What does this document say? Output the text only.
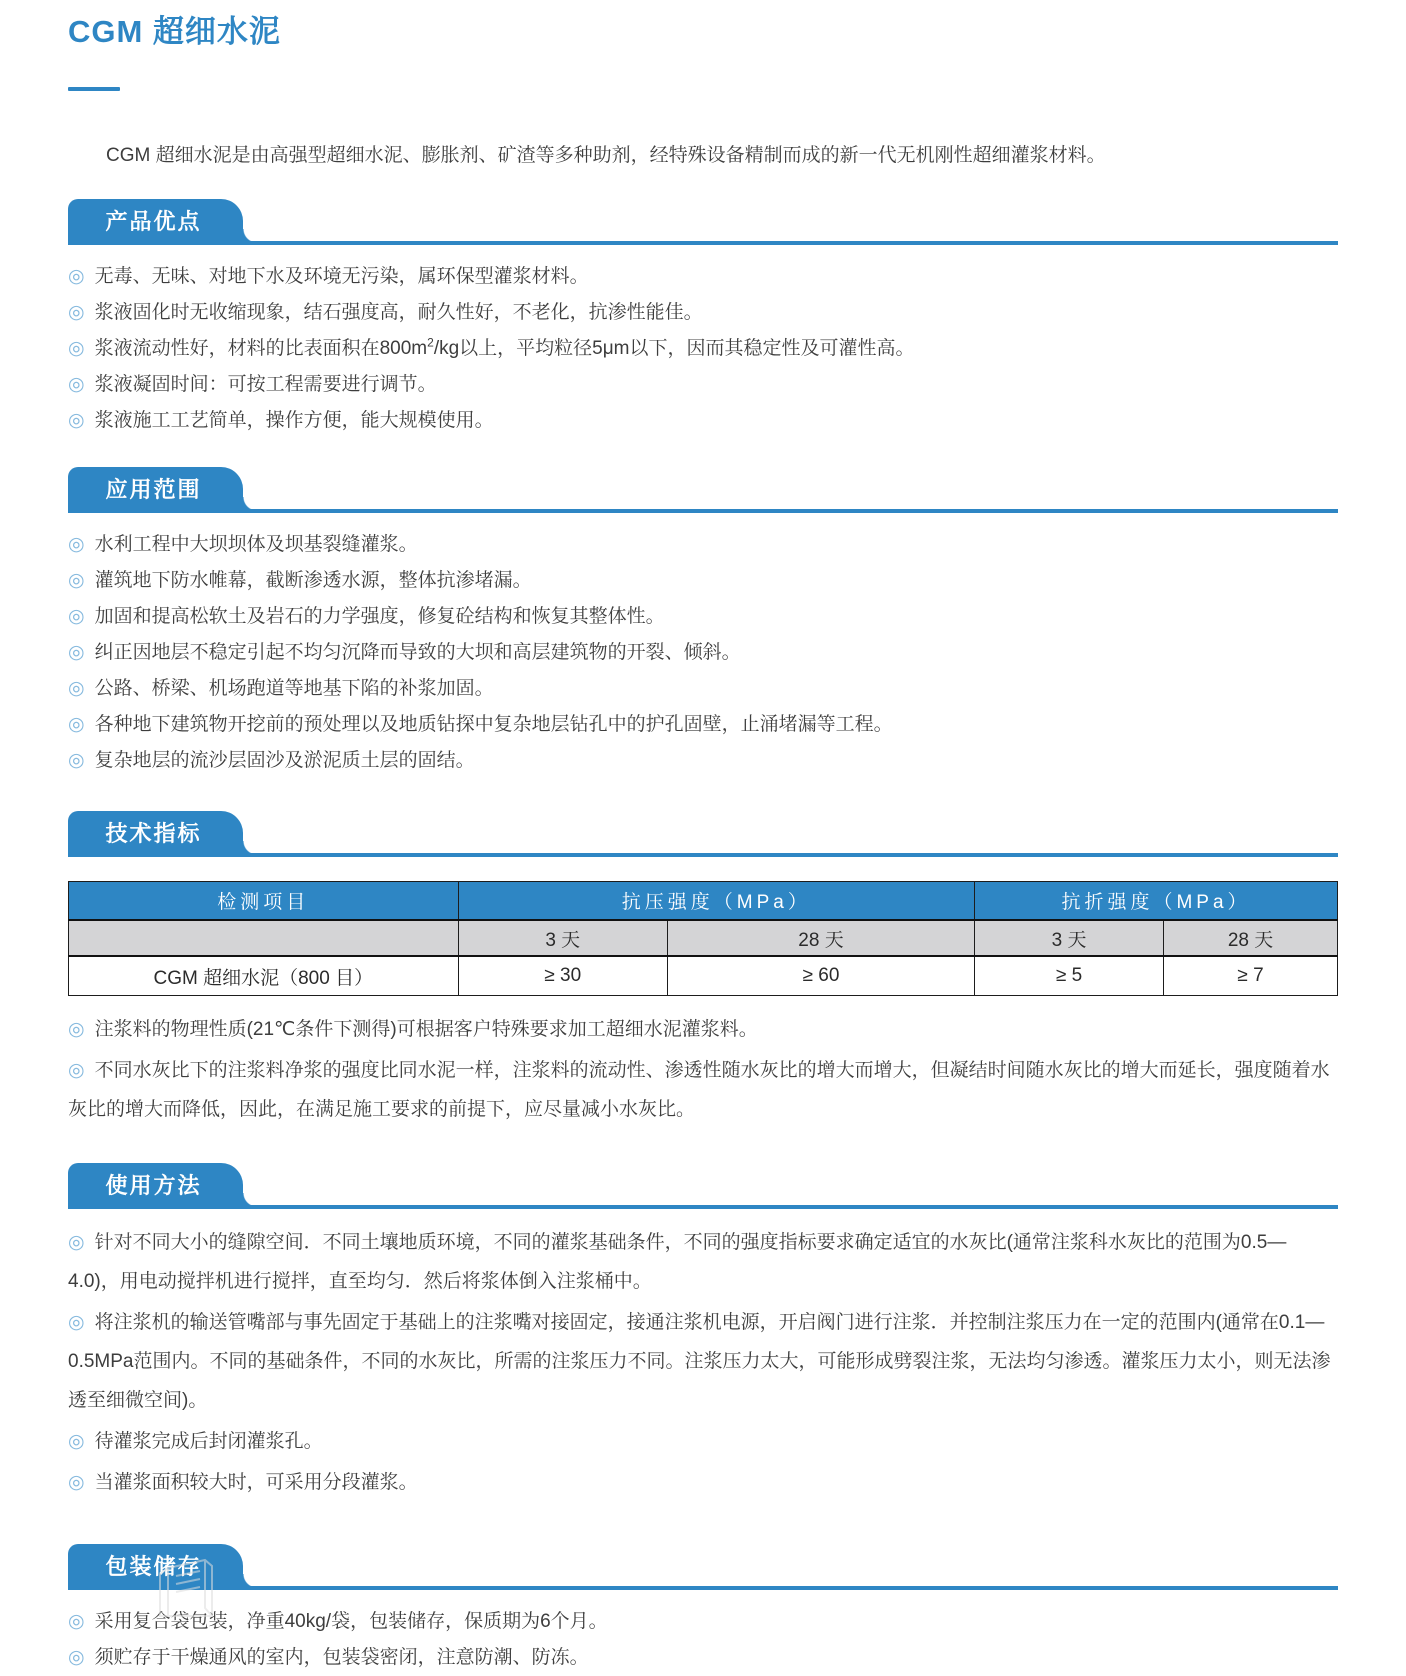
CGM 超细水泥

CGM 超细水泥是由高强型超细水泥、膨胀剂、矿渣等多种助剂，经特殊设备精制而成的新一代无机刚性超细灌浆材料。

产品优点
◎ 无毒、无味、对地下水及环境无污染，属环保型灌浆材料。
◎ 浆液固化时无收缩现象，结石强度高，耐久性好，不老化，抗渗性能佳。
◎ 浆液流动性好，材料的比表面积在$800m^2/kg$以上，平均粒径5μm以下，因而其稳定性及可灌性高。
◎ 浆液凝固时间：可按工程需要进行调节。
◎ 浆液施工工艺简单，操作方便，能大规模使用。
应用范围
◎ 水利工程中大坝坝体及坝基裂缝灌浆。
◎ 灌筑地下防水帷幕，截断渗透水源，整体抗渗堵漏。
◎ 加固和提高松软土及岩石的力学强度，修复砼结构和恢复其整体性。
◎ 纠正因地层不稳定引起不均匀沉降而导致的大坝和高层建筑物的开裂、倾斜。
◎ 公路、桥梁、机场跑道等地基下陷的补浆加固。
◎ 各种地下建筑物开挖前的预处理以及地质钻探中复杂地层钻孔中的护孔固壁，止涌堵漏等工程。
◎ 复杂地层的流沙层固沙及淤泥质土层的固结。
技术指标
检测项目	抗压强度（MPa）		抗折强度（MPa）	
	3 天	28 天	3 天	28 天
CGM 超细水泥（800 目）	≥ 30	≥ 60	≥ 5	≥ 7
◎ 注浆料的物理性质(21℃条件下测得)可根据客户特殊要求加工超细水泥灌浆料。
◎ 不同水灰比下的注浆料净浆的强度比同水泥一样，注浆料的流动性、渗透性随水灰比的增大而增大，但凝结时间随水灰比的增大而延长，强度随着水灰比的增大而降低，因此，在满足施工要求的前提下，应尽量减小水灰比。
使用方法
◎ 针对不同大小的缝隙空间．不同土壤地质环境，不同的灌浆基础条件，不同的强度指标要求确定适宜的水灰比(通常注浆科水灰比的范围为0.5—4.0)，用电动搅拌机进行搅拌，直至均匀．然后将浆体倒入注浆桶中。
◎ 将注浆机的输送管嘴部与事先固定于基础上的注浆嘴对接固定，接通注浆机电源，开启阀门进行注浆．并控制注浆压力在一定的范围内(通常在0.1—0.5MPa范围内。不同的基础条件，不同的水灰比，所需的注浆压力不同。注浆压力太大，可能形成劈裂注浆，无法均匀渗透。灌浆压力太小，则无法渗透至细微空间)。
◎ 待灌浆完成后封闭灌浆孔。
◎ 当灌浆面积较大时，可采用分段灌浆。
包装储存
◎ 采用复合袋包装，净重40kg/袋，包装储存，保质期为6个月。
◎ 须贮存于干燥通风的室内，包装袋密闭，注意防潮、防冻。
